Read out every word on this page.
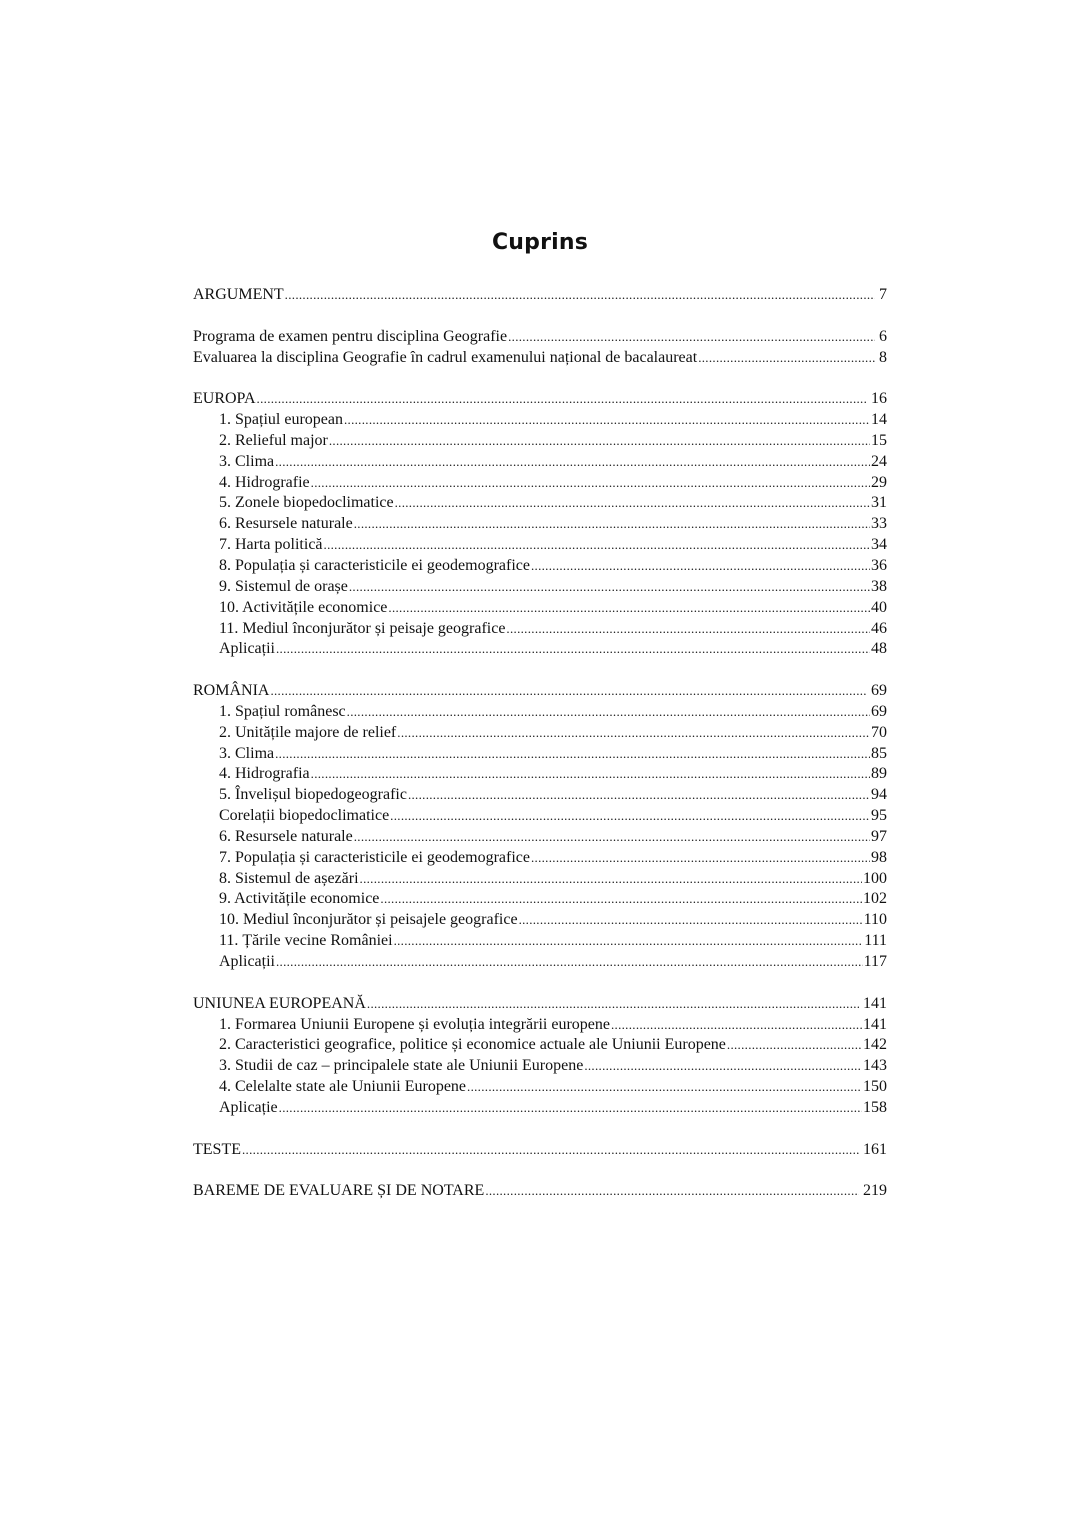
Cuprins
ARGUMENT .....	7
Programa de examen pentru disciplina Geografie .....	6
Evaluarea la disciplina Geografie în cadrul examenului național de bacalaureat .....	8
EUROPA .....	16
1. Spațiul european .....	14
2. Relieful major .....	15
3. Clima .....	24
4. Hidrografie .....	29
5. Zonele biopedoclimatice .....	31
6. Resursele naturale .....	33
7. Harta politică .....	34
8. Populația și caracteristicile ei geodemografice .....	36
9. Sistemul de orașe .....	38
10. Activitățile economice .....	40
11. Mediul înconjurător și peisaje geografice .....	46
Aplicații .....	48
ROMÂNIA .....	69
1. Spațiul românesc .....	69
2. Unitățile majore de relief .....	70
3. Clima .....	85
4. Hidrografia .....	89
5. Învelișul biopedogeografic .....	94
Corelații biopedoclimatice .....	95
6. Resursele naturale .....	97
7. Populația și caracteristicile ei geodemografice .....	98
8. Sistemul de așezări .....	100
9. Activitățile economice .....	102
10. Mediul înconjurător și peisajele geografice .....	110
11. Țările vecine României .....	111
Aplicații .....	117
UNIUNEA EUROPEANĂ .....	141
1. Formarea Uniunii Europene și evoluția integrării europene .....	141
2. Caracteristici geografice, politice și economice actuale ale Uniunii Europene .....	142
3. Studii de caz – principalele state ale Uniunii Europene .....	143
4. Celelalte state ale Uniunii Europene .....	150
Aplicație .....	158
TESTE .....	161
BAREME DE EVALUARE ȘI DE NOTARE .....	219
